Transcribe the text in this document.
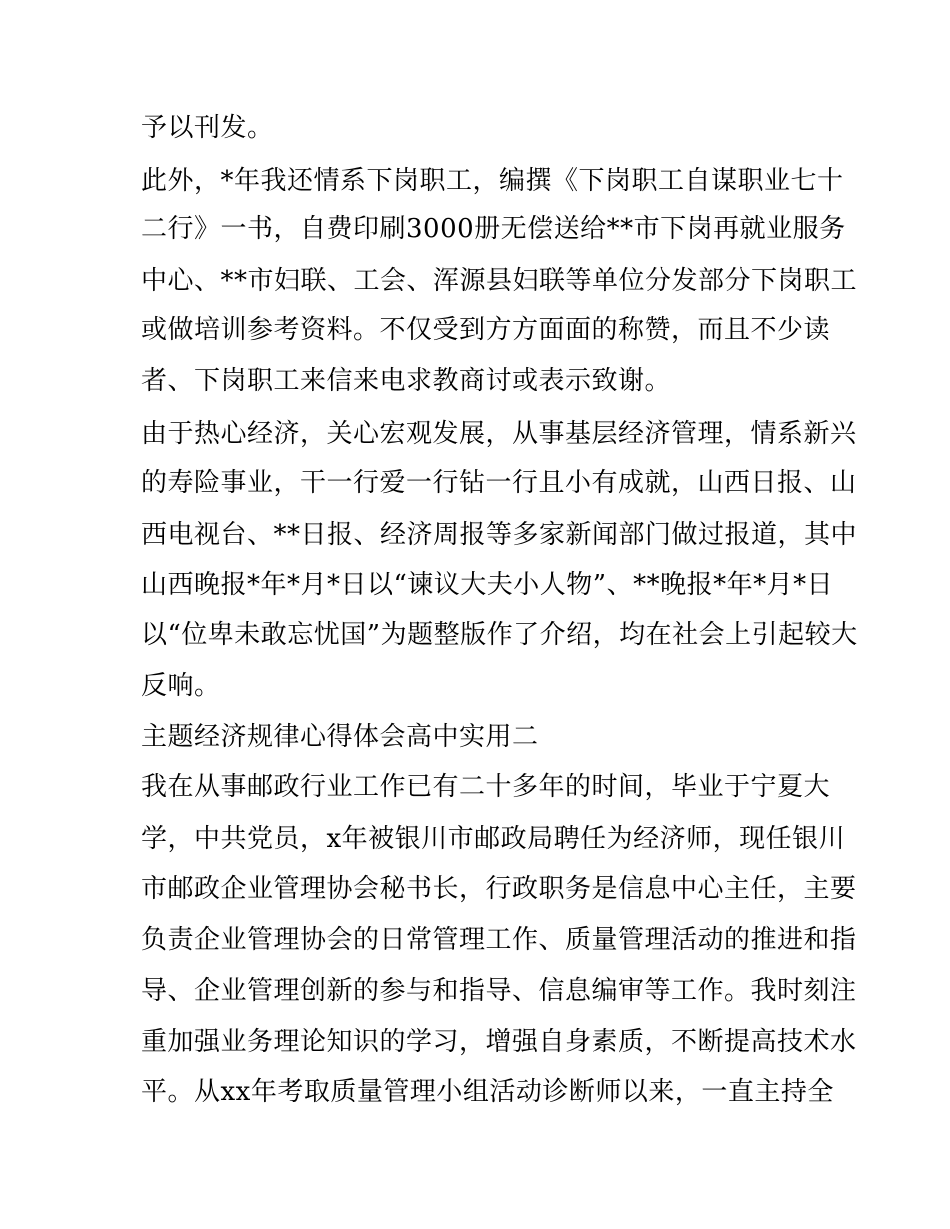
予以刊发。
此外，*年我还情系下岗职工，编撰《下岗职工自谋职业七十
二行》一书，自费印刷3000册无偿送给**市下岗再就业服务
中心、**市妇联、工会、浑源县妇联等单位分发部分下岗职工
或做培训参考资料。不仅受到方方面面的称赞，而且不少读
者、下岗职工来信来电求教商讨或表示致谢。
由于热心经济，关心宏观发展，从事基层经济管理，情系新兴
的寿险事业，干一行爱一行钻一行且小有成就，山西日报、山
西电视台、**日报、经济周报等多家新闻部门做过报道，其中
山西晚报*年*月*日以“谏议大夫小人物”、**晚报*年*月*日
以“位卑未敢忘忧国”为题整版作了介绍，均在社会上引起较大
反响。
主题经济规律心得体会高中实用二
我在从事邮政行业工作已有二十多年的时间，毕业于宁夏大
学，中共党员，x年被银川市邮政局聘任为经济师，现任银川
市邮政企业管理协会秘书长，行政职务是信息中心主任，主要
负责企业管理协会的日常管理工作、质量管理活动的推进和指
导、企业管理创新的参与和指导、信息编审等工作。我时刻注
重加强业务理论知识的学习，增强自身素质，不断提高技术水
平。从xx年考取质量管理小组活动诊断师以来，一直主持全
